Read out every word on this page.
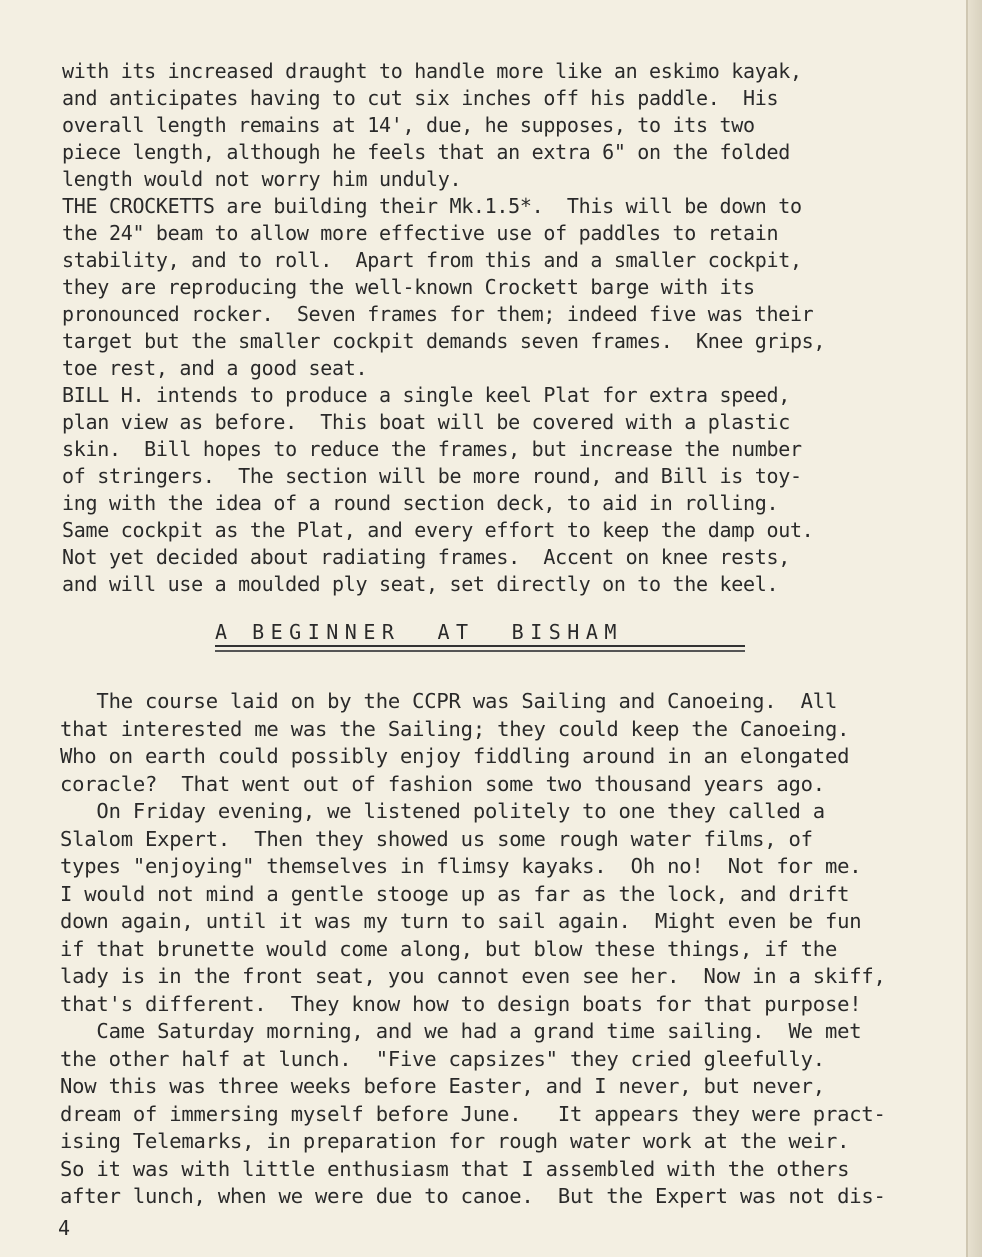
with its increased draught to handle more like an eskimo kayak,
and anticipates having to cut six inches off his paddle.  His
overall length remains at 14', due, he supposes, to its two
piece length, although he feels that an extra 6" on the folded
length would not worry him unduly.
THE CROCKETTS are building their Mk.1.5*.  This will be down to
the 24" beam to allow more effective use of paddles to retain
stability, and to roll.  Apart from this and a smaller cockpit,
they are reproducing the well-known Crockett barge with its
pronounced rocker.  Seven frames for them; indeed five was their
target but the smaller cockpit demands seven frames.  Knee grips,
toe rest, and a good seat.
BILL H. intends to produce a single keel Plat for extra speed,
plan view as before.  This boat will be covered with a plastic
skin.  Bill hopes to reduce the frames, but increase the number
of stringers.  The section will be more round, and Bill is toy-
ing with the idea of a round section deck, to aid in rolling.
Same cockpit as the Plat, and every effort to keep the damp out.
Not yet decided about radiating frames.  Accent on knee rests,
and will use a moulded ply seat, set directly on to the keel.
A BEGINNER  AT  BISHAM
The course laid on by the CCPR was Sailing and Canoeing.  All
that interested me was the Sailing; they could keep the Canoeing.
Who on earth could possibly enjoy fiddling around in an elongated
coracle?  That went out of fashion some two thousand years ago.
On Friday evening, we listened politely to one they called a
Slalom Expert.  Then they showed us some rough water films, of
types "enjoying" themselves in flimsy kayaks.  Oh no!  Not for me.
I would not mind a gentle stooge up as far as the lock, and drift
down again, until it was my turn to sail again.  Might even be fun
if that brunette would come along, but blow these things, if the
lady is in the front seat, you cannot even see her.  Now in a skiff,
that's different.  They know how to design boats for that purpose!
Came Saturday morning, and we had a grand time sailing.  We met
the other half at lunch.  "Five capsizes" they cried gleefully.
Now this was three weeks before Easter, and I never, but never,
dream of immersing myself before June.   It appears they were pract-
ising Telemarks, in preparation for rough water work at the weir.
So it was with little enthusiasm that I assembled with the others
after lunch, when we were due to canoe.  But the Expert was not dis-
4
